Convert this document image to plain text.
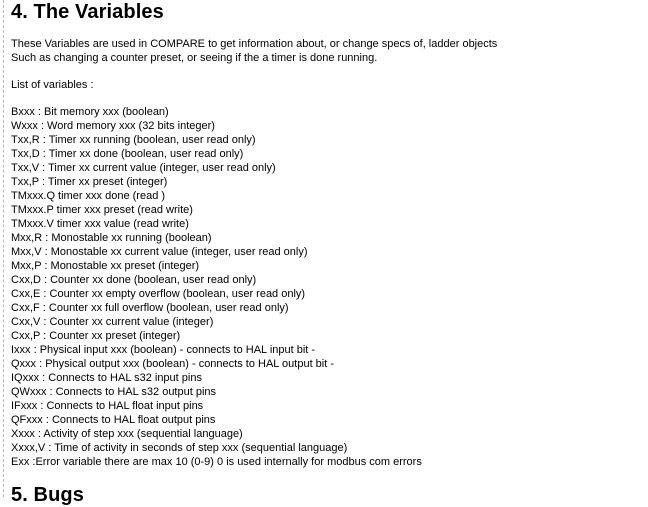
4. The Variables
These Variables are used in COMPARE to get information about, or change specs of, ladder objects
Such as changing a counter preset, or seeing if the a timer is done running.
List of variables :
Bxxx : Bit memory xxx (boolean)
Wxxx : Word memory xxx (32 bits integer)
Txx,R : Timer xx running (boolean, user read only)
Txx,D : Timer xx done (boolean, user read only)
Txx,V : Timer xx current value (integer, user read only)
Txx,P : Timer xx preset (integer)
TMxxx.Q timer xxx done (read )
TMxxx.P timer xxx preset (read write)
TMxxx.V timer xxx value (read write)
Mxx,R : Monostable xx running (boolean)
Mxx,V : Monostable xx current value (integer, user read only)
Mxx,P : Monostable xx preset (integer)
Cxx,D : Counter xx done (boolean, user read only)
Cxx,E : Counter xx empty overflow (boolean, user read only)
Cxx,F : Counter xx full overflow (boolean, user read only)
Cxx,V : Counter xx current value (integer)
Cxx,P : Counter xx preset (integer)
Ixxx : Physical input xxx (boolean) - connects to HAL input bit -
Qxxx : Physical output xxx (boolean) - connects to HAL output bit -
IQxxx : Connects to HAL s32 input pins
QWxxx : Connects to HAL s32 output pins
IFxxx : Connects to HAL float input pins
QFxxx : Connects to HAL float output pins
Xxxx : Activity of step xxx (sequential language)
Xxxx,V : Time of activity in seconds of step xxx (sequential language)
Exx :Error variable there are max 10 (0-9) 0 is used internally for modbus com errors
5. Bugs
